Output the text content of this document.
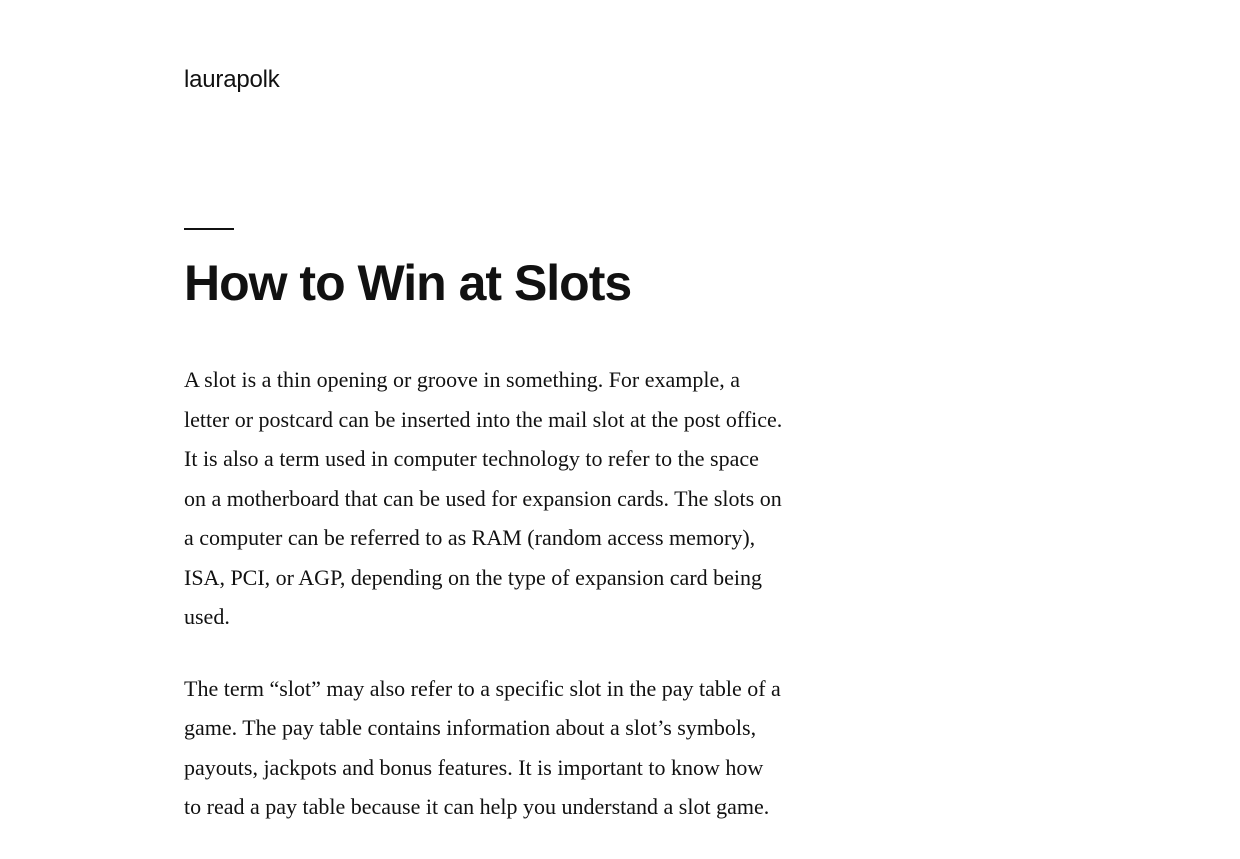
laurapolk
How to Win at Slots

A slot is a thin opening or groove in something. For example, a letter or postcard can be inserted into the mail slot at the post office. It is also a term used in computer technology to refer to the space on a motherboard that can be used for expansion cards. The slots on a computer can be referred to as RAM (random access memory), ISA, PCI, or AGP, depending on the type of expansion card being used.

The term “slot” may also refer to a specific slot in the pay table of a game. The pay table contains information about a slot’s symbols, payouts, jackpots and bonus features. It is important to know how to read a pay table because it can help you understand a slot game.
